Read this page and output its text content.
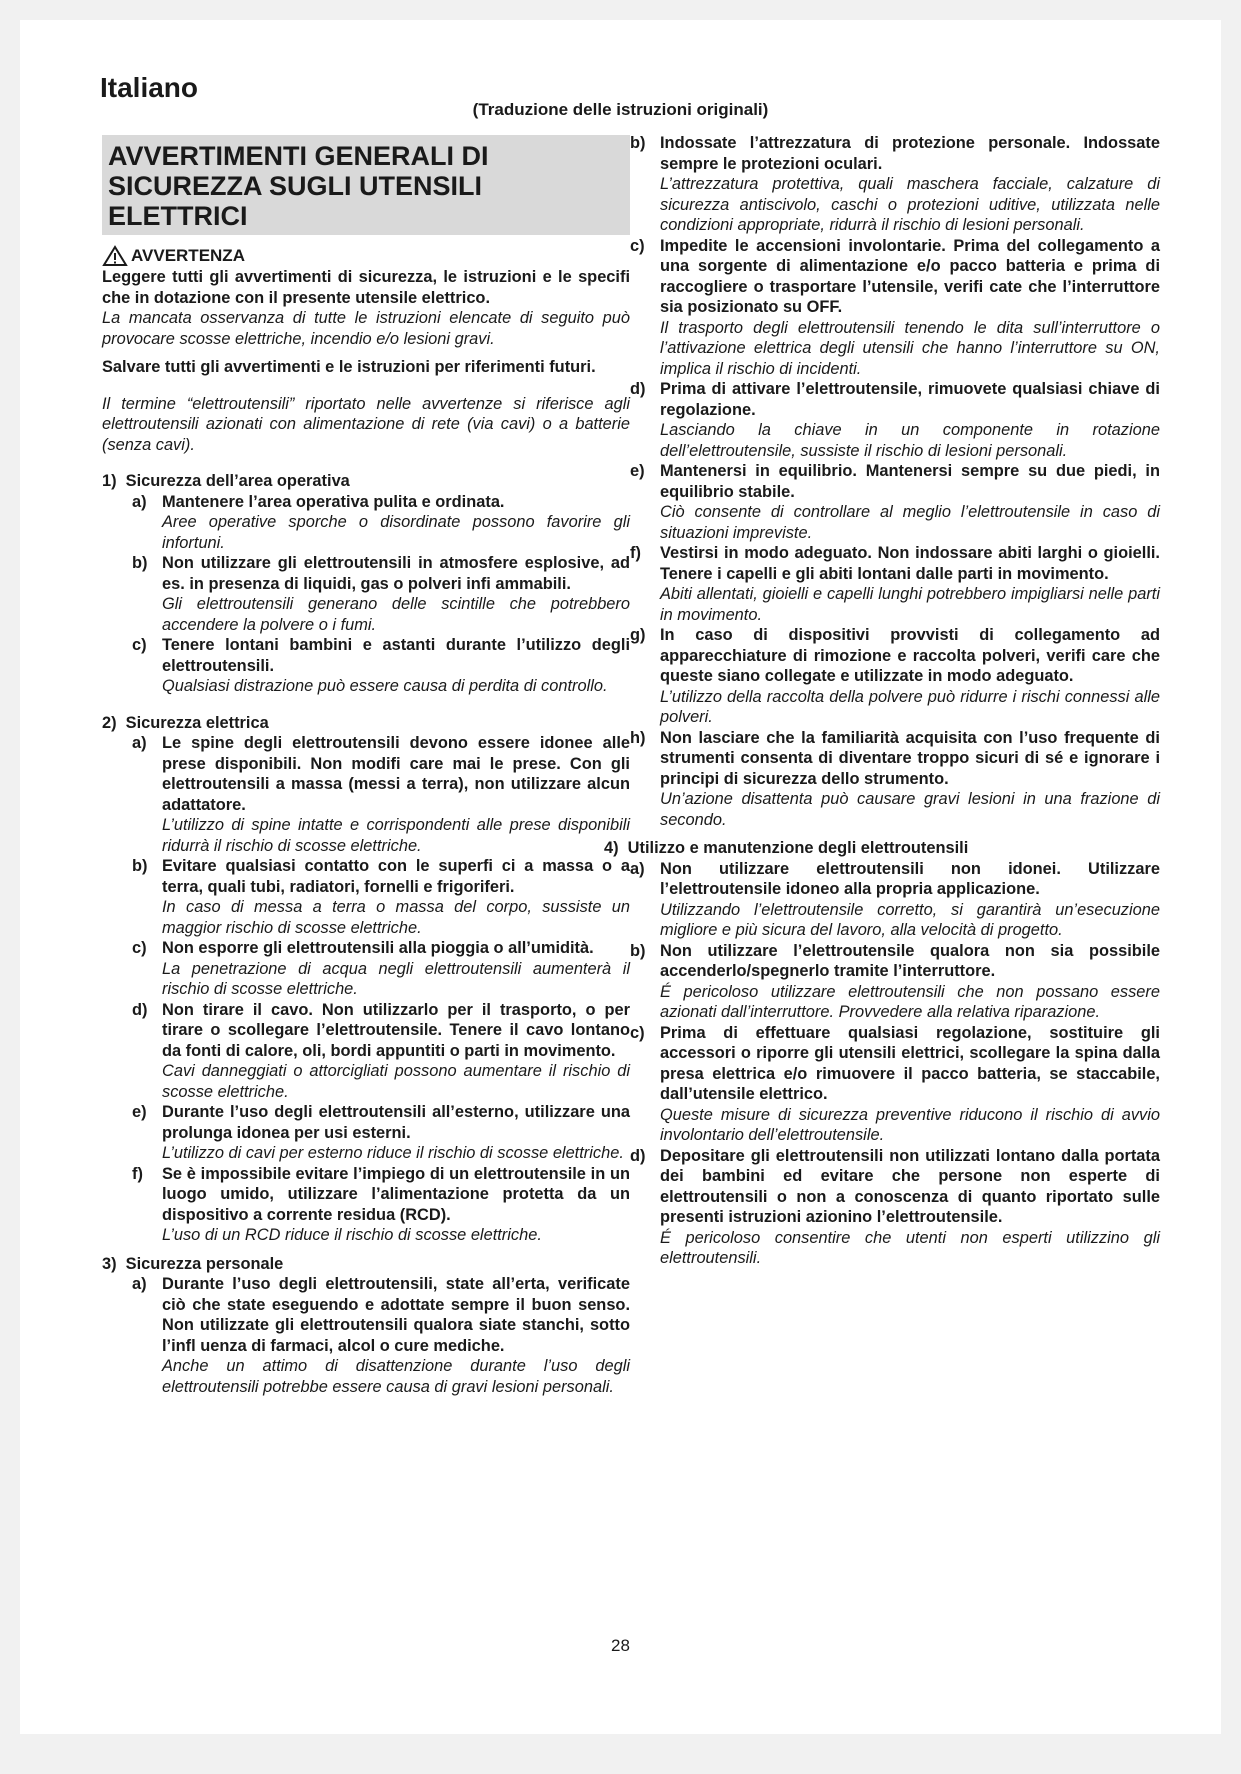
Italiano
(Traduzione delle istruzioni originali)
AVVERTIMENTI GENERALI DI SICUREZZA SUGLI UTENSILI ELETTRICI
AVVERTENZA

Leggere tutti gli avvertimenti di sicurezza, le istruzioni e le specifi che in dotazione con il presente utensile elettrico.

La mancata osservanza di tutte le istruzioni elencate di seguito può provocare scosse elettriche, incendio e/o lesioni gravi.

Salvare tutti gli avvertimenti e le istruzioni per riferimenti futuri.

Il termine “elettroutensili” riportato nelle avvertenze si riferisce agli elettroutensili azionati con alimentazione di rete (via cavi) o a batterie (senza cavi).

1)  Sicurezza dell’area operativa

a) Mantenere l’area operativa pulita e ordinata.

Aree operative sporche o disordinate possono favorire gli infortuni.

b) Non utilizzare gli elettroutensili in atmosfere esplosive, ad es. in presenza di liquidi, gas o polveri infi ammabili.

Gli elettroutensili generano delle scintille che potrebbero accendere la polvere o i fumi.

c) Tenere lontani bambini e astanti durante l’utilizzo degli elettroutensili.

Qualsiasi distrazione può essere causa di perdita di controllo.

2)  Sicurezza elettrica

a) Le spine degli elettroutensili devono essere idonee alle prese disponibili. Non modifi care mai le prese. Con gli elettroutensili a massa (messi a terra), non utilizzare alcun adattatore.

L’utilizzo di spine intatte e corrispondenti alle prese disponibili ridurrà il rischio di scosse elettriche.

b) Evitare qualsiasi contatto con le superfi ci a massa o a terra, quali tubi, radiatori, fornelli e frigoriferi.

In caso di messa a terra o massa del corpo, sussiste un maggior rischio di scosse elettriche.

c) Non esporre gli elettroutensili alla pioggia o all’umidità.

La penetrazione di acqua negli elettroutensili aumenterà il rischio di scosse elettriche.

d) Non tirare il cavo. Non utilizzarlo per il trasporto, o per tirare o scollegare l’elettroutensile. Tenere il cavo lontano da fonti di calore, oli, bordi appuntiti o parti in movimento.

Cavi danneggiati o attorcigliati possono aumentare il rischio di scosse elettriche.

e) Durante l’uso degli elettroutensili all’esterno, utilizzare una prolunga idonea per usi esterni.

L’utilizzo di cavi per esterno riduce il rischio di scosse elettriche.

f)	Se è impossibile evitare l’impiego di un elettroutensile in un luogo umido, utilizzare l’alimentazione protetta da un dispositivo a corrente residua (RCD).

L’uso di un RCD riduce il rischio di scosse elettriche.

3)  Sicurezza personale

a) Durante l’uso degli elettroutensili, state all’erta, verificate ciò che state eseguendo e adottate sempre il buon senso. Non utilizzate gli elettroutensili qualora siate stanchi, sotto l’infl uenza di farmaci, alcol o cure mediche.

Anche un attimo di disattenzione durante l’uso degli elettroutensili potrebbe essere causa di gravi lesioni personali.

b) Indossate l’attrezzatura di protezione personale. Indossate sempre le protezioni oculari.

L’attrezzatura protettiva, quali maschera facciale, calzature di sicurezza antiscivolo, caschi o protezioni uditive, utilizzata nelle condizioni appropriate, ridurrà il rischio di lesioni personali.

c) Impedite le accensioni involontarie. Prima del collegamento a una sorgente di alimentazione e/o pacco batteria e prima di raccogliere o trasportare l’utensile, verifi cate che l’interruttore sia posizionato su OFF.

Il trasporto degli elettroutensili tenendo le dita sull’interruttore o l’attivazione elettrica degli utensili che hanno l’interruttore su ON, implica il rischio di incidenti.

d) Prima di attivare l’elettroutensile, rimuovete qualsiasi chiave di regolazione.

Lasciando la chiave in un componente in rotazione dell’elettroutensile, sussiste il rischio di lesioni personali.

e) Mantenersi in equilibrio. Mantenersi sempre su due piedi, in equilibrio stabile.

Ciò consente di controllare al meglio l’elettroutensile in caso di situazioni impreviste.

f)	Vestirsi in modo adeguato. Non indossare abiti larghi o gioielli. Tenere i capelli e gli abiti lontani dalle parti in movimento.

Abiti allentati, gioielli e capelli lunghi potrebbero impigliarsi nelle parti in movimento.

g) In caso di dispositivi provvisti di collegamento ad apparecchiature di rimozione e raccolta polveri, verifi care che queste siano collegate e utilizzate in modo adeguato.

L’utilizzo della raccolta della polvere può ridurre i rischi connessi alle polveri.

h) Non lasciare che la familiarità acquisita con l’uso frequente di strumenti consenta di diventare troppo sicuri di sé e ignorare i principi di sicurezza dello strumento.

Un’azione disattenta può causare gravi lesioni in una frazione di secondo.

4)  Utilizzo e manutenzione degli elettroutensili

a) Non utilizzare elettroutensili non idonei. Utilizzare l’elettroutensile idoneo alla propria applicazione.

Utilizzando l’elettroutensile corretto, si garantirà un’esecuzione migliore e più sicura del lavoro, alla velocità di progetto.

b) Non utilizzare l’elettroutensile qualora non sia possibile accenderlo/spegnerlo tramite l’interruttore.

É pericoloso utilizzare elettroutensili che non possano essere azionati dall’interruttore. Provvedere alla relativa riparazione.

c) Prima di effettuare qualsiasi regolazione, sostituire gli accessori o riporre gli utensili elettrici, scollegare la spina dalla presa elettrica e/o rimuovere il pacco batteria, se staccabile, dall’utensile elettrico.

Queste misure di sicurezza preventive riducono il rischio di avvio involontario dell’elettroutensile.

d) Depositare gli elettroutensili non utilizzati lontano dalla portata dei bambini ed evitare che persone non esperte di elettroutensili o non a conoscenza di quanto riportato sulle presenti istruzioni azionino l’elettroutensile.

É pericoloso consentire che utenti non esperti utilizzino gli elettroutensili.

28
